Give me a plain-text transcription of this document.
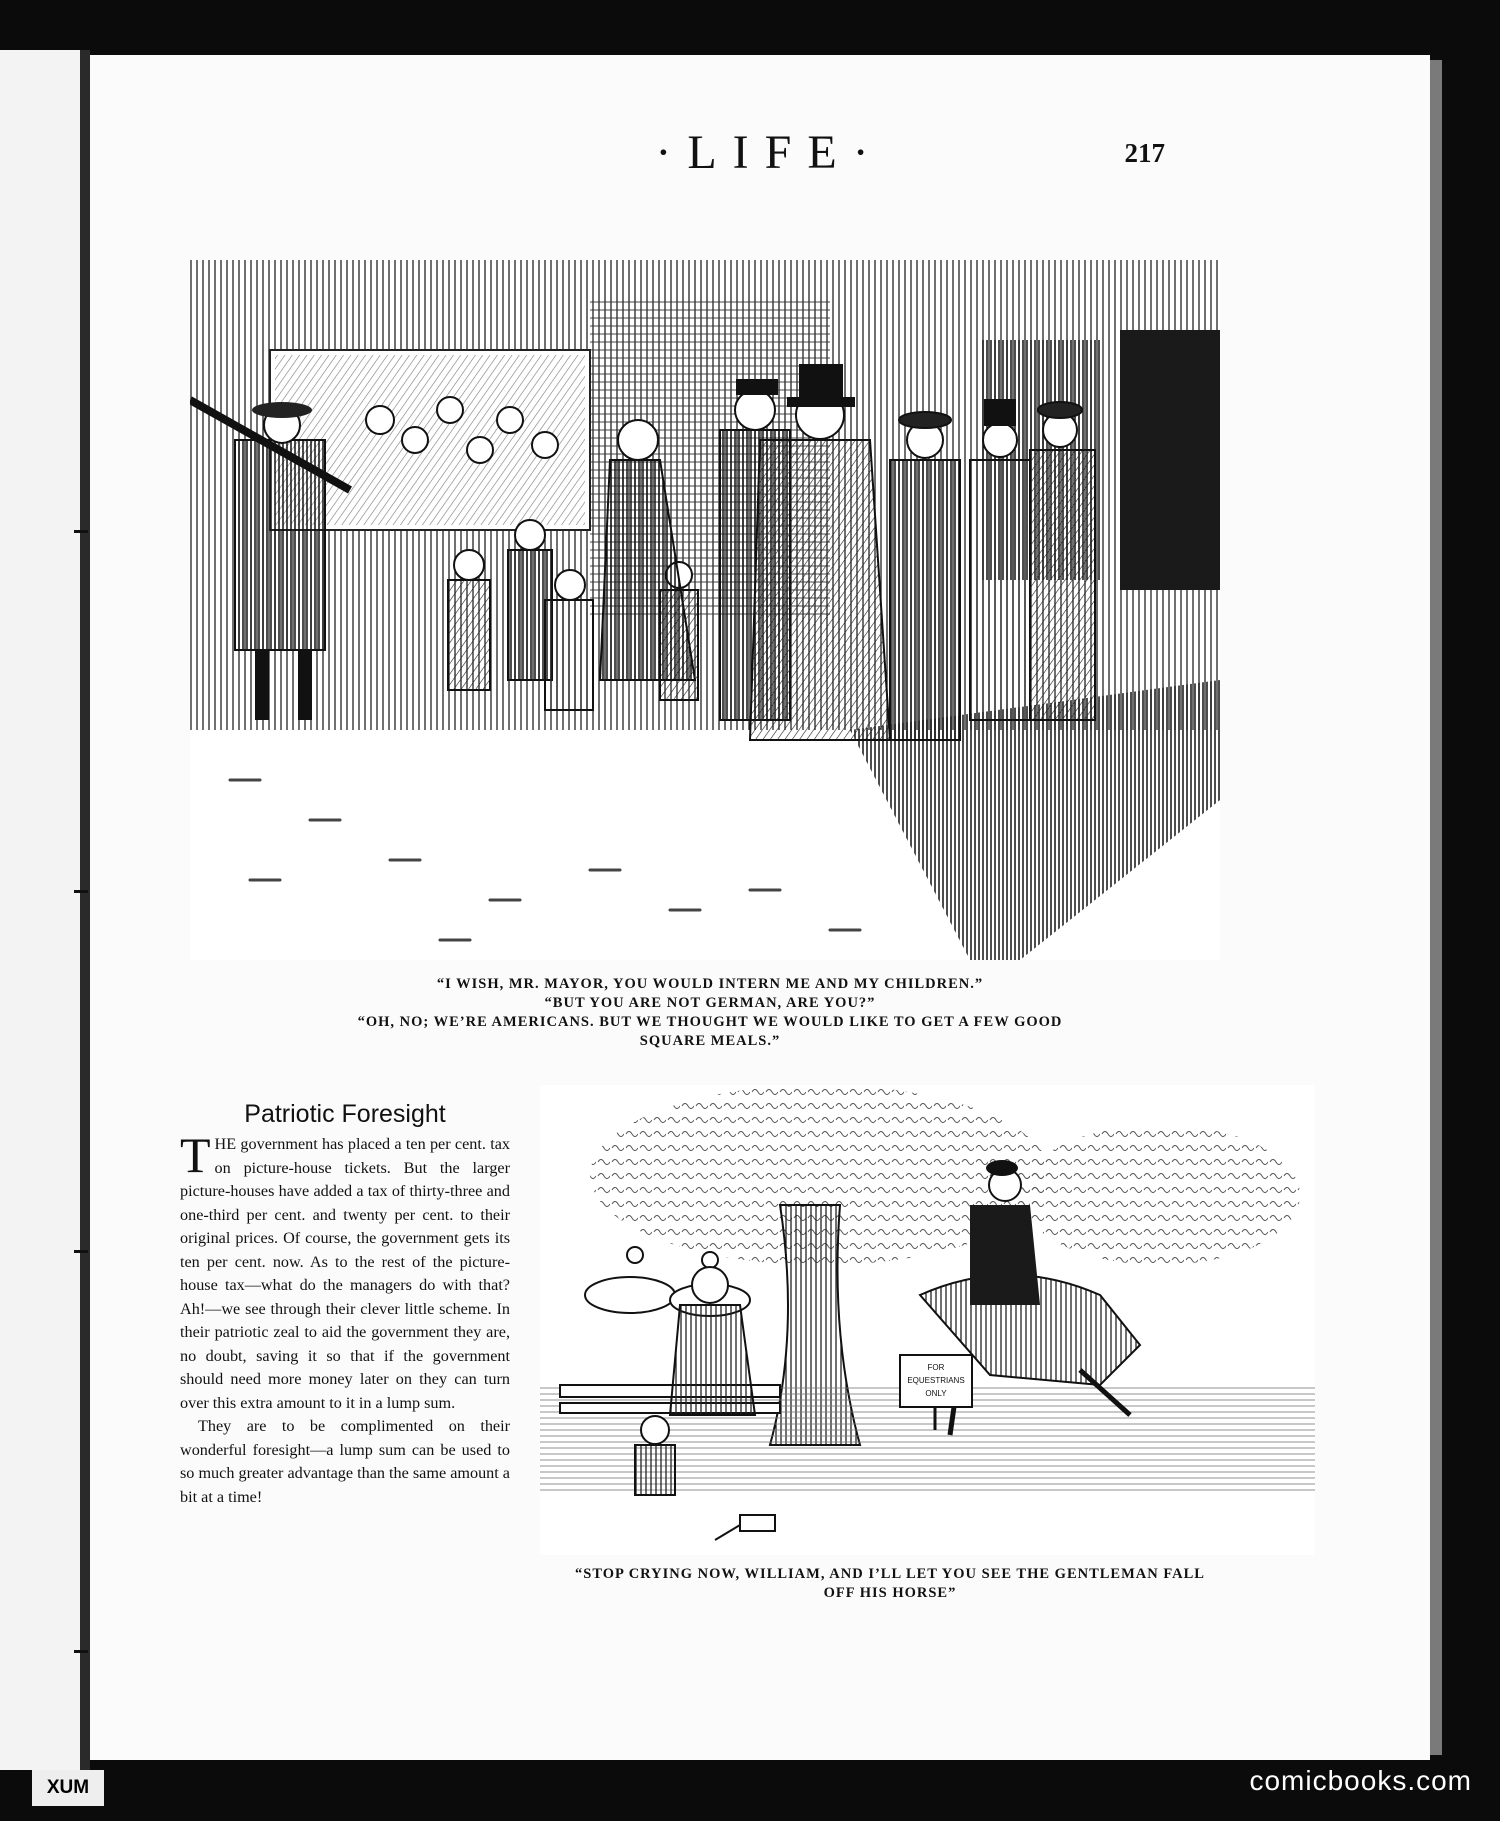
·LIFE·	217
“I WISH, MR. MAYOR, YOU WOULD INTERN ME AND MY CHILDREN.”
“BUT YOU ARE NOT GERMAN, ARE YOU?”
“OH, NO; WE’RE AMERICANS. BUT WE THOUGHT WE WOULD LIKE TO GET A FEW GOOD
SQUARE MEALS.”
Patriotic Foresight

THE government has placed a ten per cent. tax on picture-house tickets. But the larger picture-houses have added a tax of thirty-three and one-third per cent. and twenty per cent. to their original prices. Of course, the government gets its ten per cent. now. As to the rest of the picture-house tax—what do the managers do with that? Ah!—we see through their clever little scheme. In their patriotic zeal to aid the government they are, no doubt, saving it so that if the government should need more money later on they can turn over this extra amount to it in a lump sum.

They are to be complimented on their wonderful foresight—a lump sum can be used to so much greater advantage than the same amount a bit at a time!

FOR
EQUESTRIANS
ONLY
“STOP CRYING NOW, WILLIAM, AND I’LL LET YOU SEE THE GENTLEMAN FALL
OFF HIS HORSE”
XUM	comicbooks.com
